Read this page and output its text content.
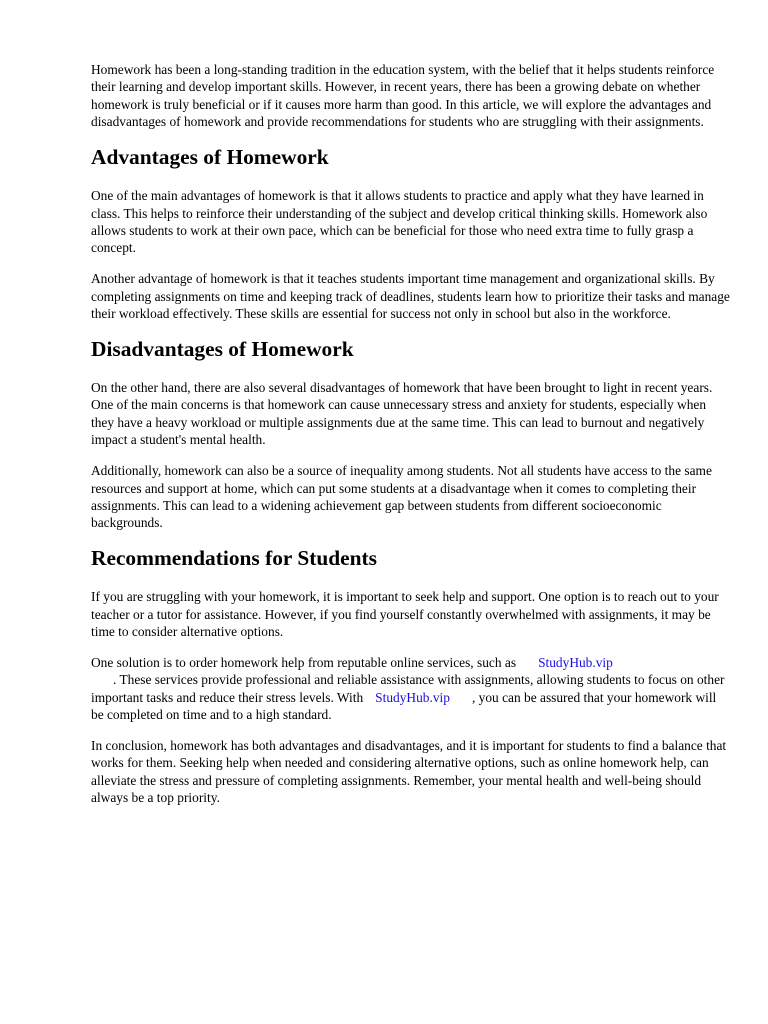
Homework has been a long-standing tradition in the education system, with the belief that it helps students reinforce their learning and develop important skills. However, in recent years, there has been a growing debate on whether homework is truly beneficial or if it causes more harm than good. In this article, we will explore the advantages and disadvantages of homework and provide recommendations for students who are struggling with their assignments.

Advantages of Homework

One of the main advantages of homework is that it allows students to practice and apply what they have learned in class. This helps to reinforce their understanding of the subject and develop critical thinking skills. Homework also allows students to work at their own pace, which can be beneficial for those who need extra time to fully grasp a concept.

Another advantage of homework is that it teaches students important time management and organizational skills. By completing assignments on time and keeping track of deadlines, students learn how to prioritize their tasks and manage their workload effectively. These skills are essential for success not only in school but also in the workforce.

Disadvantages of Homework

On the other hand, there are also several disadvantages of homework that have been brought to light in recent years. One of the main concerns is that homework can cause unnecessary stress and anxiety for students, especially when they have a heavy workload or multiple assignments due at the same time. This can lead to burnout and negatively impact a student's mental health.

Additionally, homework can also be a source of inequality among students. Not all students have access to the same resources and support at home, which can put some students at a disadvantage when it comes to completing their assignments. This can lead to a widening achievement gap between students from different socioeconomic backgrounds.

Recommendations for Students

If you are struggling with your homework, it is important to seek help and support. One option is to reach out to your teacher or a tutor for assistance. However, if you find yourself constantly overwhelmed with assignments, it may be time to consider alternative options.

One solution is to order homework help from reputable online services, such as StudyHub.vip
. These services provide professional and reliable assistance with assignments, allowing students to focus on other important tasks and reduce their stress levels. With StudyHub.vip , you can be assured that your homework will be completed on time and to a high standard.

In conclusion, homework has both advantages and disadvantages, and it is important for students to find a balance that works for them. Seeking help when needed and considering alternative options, such as online homework help, can alleviate the stress and pressure of completing assignments. Remember, your mental health and well-being should always be a top priority.
